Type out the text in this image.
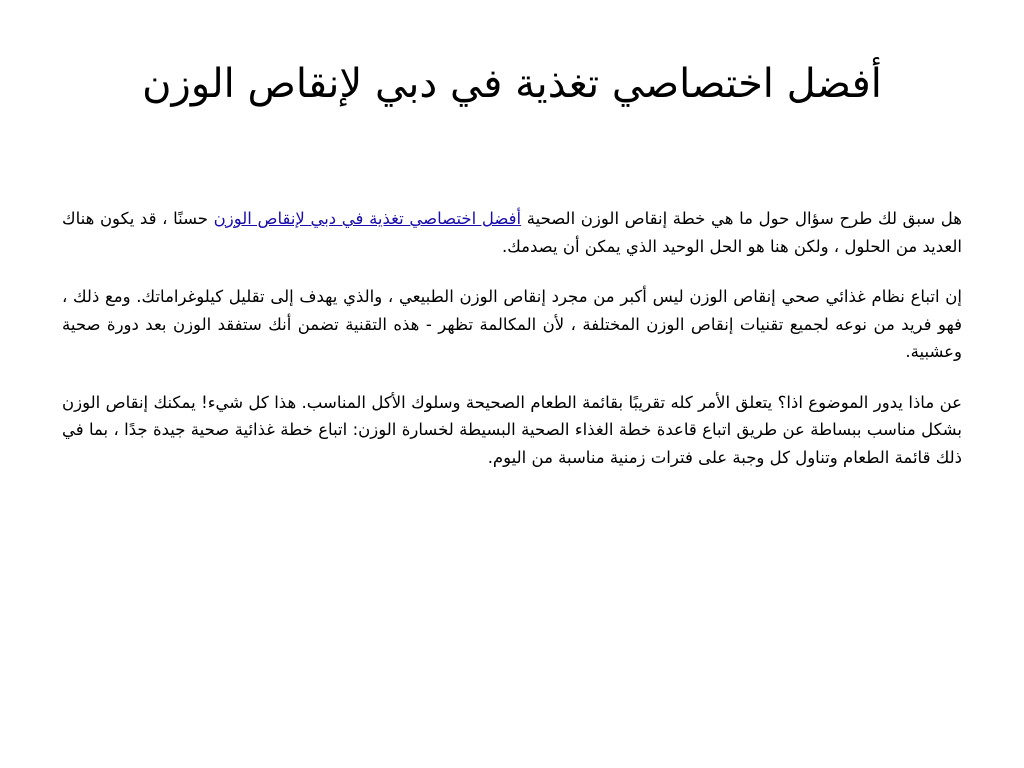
أفضل اختصاصي تغذية في دبي لإنقاص الوزن

هل سبق لك طرح سؤال حول ما هي خطة إنقاص الوزن الصحية أفضل اختصاصي تغذية في دبي لإنقاص الوزن حسنًا ، قد يكون هناك العديد من الحلول ، ولكن هنا هو الحل الوحيد الذي يمكن أن يصدمك.

إن اتباع نظام غذائي صحي إنقاص الوزن ليس أكبر من مجرد إنقاص الوزن الطبيعي ، والذي يهدف إلى تقليل كيلوغراماتك. ومع ذلك ، فهو فريد من نوعه لجميع تقنيات إنقاص الوزن المختلفة ، لأن المكالمة تظهر - هذه التقنية تضمن أنك ستفقد الوزن بعد دورة صحية وعشبية.

عن ماذا يدور الموضوع اذا؟ يتعلق الأمر كله تقريبًا بقائمة الطعام الصحيحة وسلوك الأكل المناسب. هذا كل شيء! يمكنك إنقاص الوزن بشكل مناسب ببساطة عن طريق اتباع قاعدة خطة الغذاء الصحية البسيطة لخسارة الوزن: اتباع خطة غذائية صحية جيدة جدًا ، بما في ذلك قائمة الطعام وتناول كل وجبة على فترات زمنية مناسبة من اليوم.
